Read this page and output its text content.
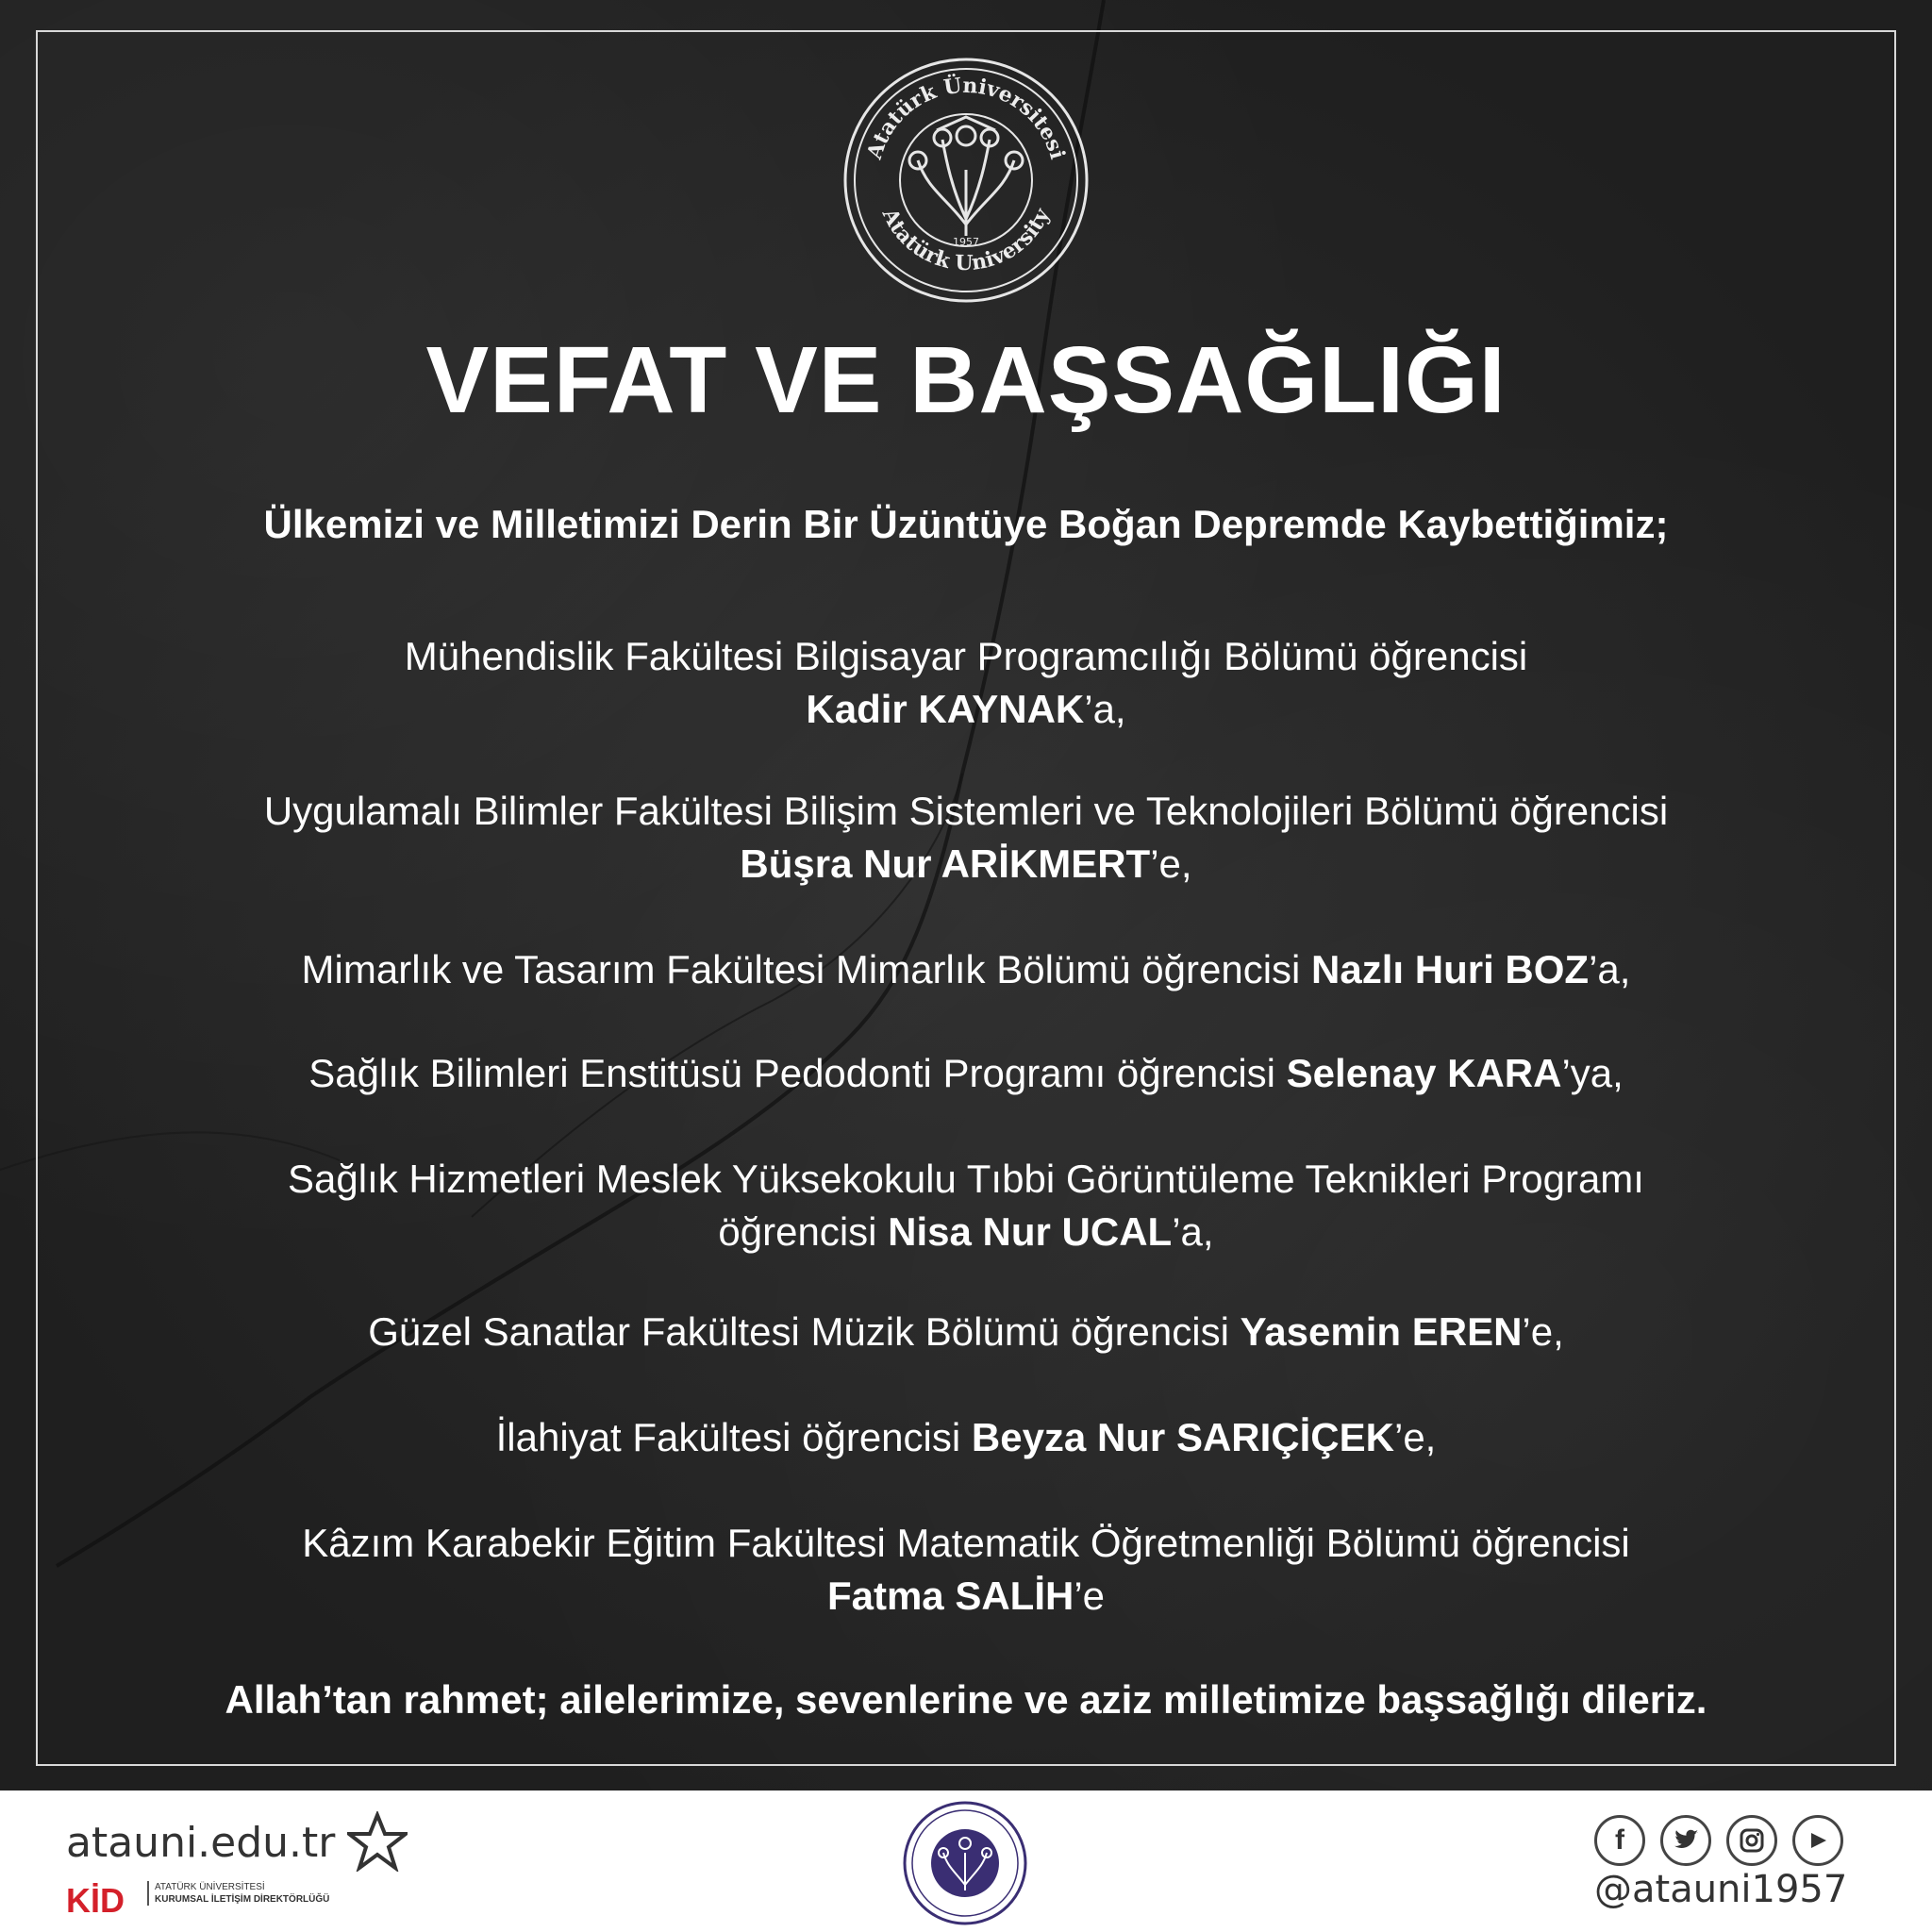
Atatürk Üniversitesi
Atatürk University
1957
VEFAT VE BAŞSAĞLIĞI
Ülkemizi ve Milletimizi Derin Bir Üzüntüye Boğan Depremde Kaybettiğimiz;
Mühendislik Fakültesi Bilgisayar Programcılığı Bölümü öğrencisi
Kadir KAYNAK’a,
Uygulamalı Bilimler Fakültesi Bilişim Sistemleri ve Teknolojileri Bölümü öğrencisi
Büşra Nur ARİKMERT’e,
Mimarlık ve Tasarım Fakültesi Mimarlık Bölümü öğrencisi Nazlı Huri BOZ’a,
Sağlık Bilimleri Enstitüsü Pedodonti Programı öğrencisi Selenay KARA’ya,
Sağlık Hizmetleri Meslek Yüksekokulu Tıbbi Görüntüleme Teknikleri Programı
öğrencisi Nisa Nur UCAL’a,
Güzel Sanatlar Fakültesi Müzik Bölümü öğrencisi Yasemin EREN’e,
İlahiyat Fakültesi öğrencisi Beyza Nur SARIÇİÇEK’e,
Kâzım Karabekir Eğitim Fakültesi Matematik Öğretmenliği Bölümü öğrencisi
Fatma SALİH’e
Allah’tan rahmet; ailelerimize, sevenlerine ve aziz milletimize başsağlığı dileriz.
atauni.edu.tr
KİD	ATATÜRK ÜNİVERSİTESİ
KURUMSAL İLETİŞİM DİREKTÖRLÜĞÜ
f
@atauni1957
